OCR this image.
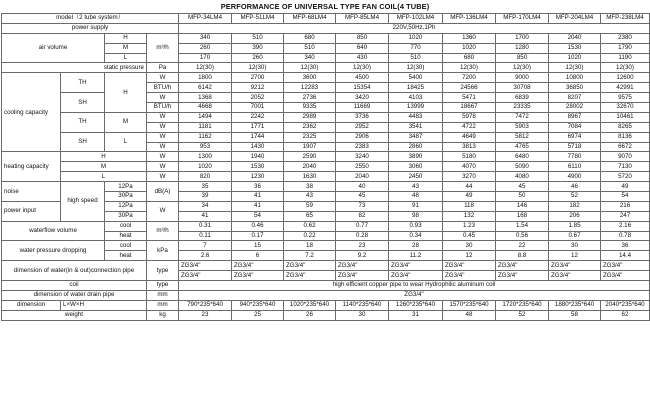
PERFORMANCE OF UNIVERSAL TYPE FAN COIL(4 TUBE)
model（2 tube system）				MFP-34LM4	MFP-51LM4	MFP-68LM4	MFP-85LM4	MFP-102LM4	MFP-136LM4	MFP-170LM4	MFP-204LM4	MFP-238LM4
power supply				220V,50Hz,1Ph								
air volume		H	m³/h	340	510	680	850	1020	1360	1700	2040	2380
		M		260	390	510	640	770	1020	1280	1530	1790
		L		170	260	340	430	510	680	850	1020	1190
static pressure			Pa	12(30)	12(30)	12(30)	12(30)	12(30)	12(30)	12(30)	12(30)	12(30)
cooling capacity	TH	H	W	1800	2700	3600	4500	5400	7200	9000	10800	12600
			BTU/h	6142	9212	12283	15354	18425	24566	30708	36850	42991
	SH		W	1368	2052	2736	3420	4103	5471	6839	8207	9575
			BTU/h	4668	7001	9335	11669	13999	18667	23335	28002	32670
	TH	M	W	1494	2242	2989	3736	4483	5978	7472	8967	10461
			W	1181	1771	2362	2952	3541	4722	5903	7084	8265
	SH	L	W	1162	1744	2325	2906	3487	4649	5812	6974	8136
			W	953	1430	1907	2383	2860	3813	4765	5718	6672
heating capacity	H		W	1300	1940	2590	3240	3890	5180	6480	7780	9070
	M		W	1020	1530	2040	2550	3060	4070	5090	6110	7130
	L		W	820	1230	1630	2040	2450	3270	4080	4900	5720
noise	high speed	12Pa	dB(A)	35	36	38	40	43	44	45	46	49
		30Pa		39	41	43	45	48	49	50	52	54
power input		12Pa	W	34	41	59	73	91	118	146	182	216
		30Pa		41	54	65	82	98	132	168	206	247
waterflow volume		cool	m³/h	0.31	0.46	0.62	0.77	0.93	1.23	1.54	1.85	2.16
		heat		0.11	0.17	0.22	0.28	0.34	0.45	0.56	0.67	0.78
water pressure dropping		cool	kPa	7	15	18	23	28	30	22	30	36
		heat		2.6	6	7.2	9.2	11.2	12	8.8	12	14.4
dimension of water(in & out)connection pipe			type	ZG3/4"	ZG3/4"	ZG3/4"	ZG3/4"	ZG3/4"	ZG3/4"	ZG3/4"	ZG3/4"	ZG3/4"
				ZG3/4"	ZG3/4"	ZG3/4"	ZG3/4"	ZG3/4"	ZG3/4"	ZG3/4"	ZG3/4"	ZG3/4"
coil			type	high efficient copper pipe to wear Hydrophilic aluminum coil								
dimension of water drain pipe			mm	ZG3/4"								
dimension	L×W×H		mm	790*235*640	940*235*640	1020*235*640	1140*235*640	1260*235*640	1570*235*640	1720*235*640	1880*235*640	2040*235*640
weight			kg	23	25	26	30	31	48	52	58	62
